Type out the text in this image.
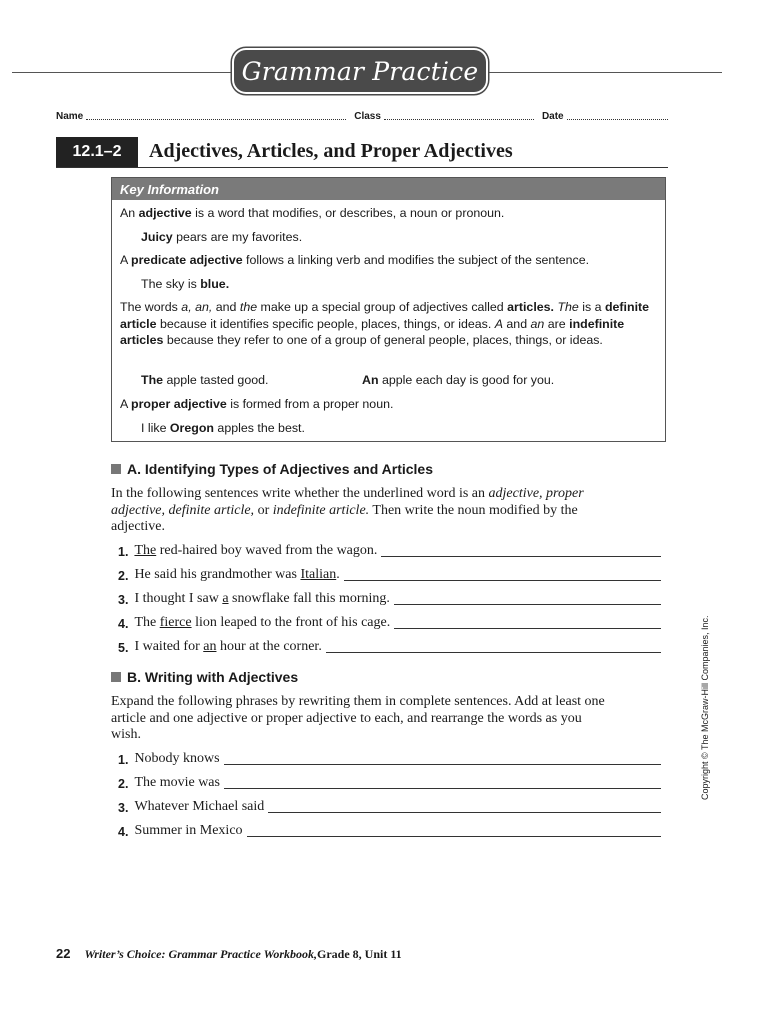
Grammar Practice
Name	Class	Date
12.1–2	Adjectives, Articles, and Proper Adjectives
Key Information
An adjective is a word that modifies, or describes, a noun or pronoun.
Juicy pears are my favorites.
A predicate adjective follows a linking verb and modifies the subject of the sentence.
The sky is blue.
The words a, an, and the make up a special group of adjectives called articles. The is a definite article because it identifies specific people, places, things, or ideas. A and an are indefinite articles because they refer to one of a group of general people, places, things, or ideas.
The apple tasted good.	An apple each day is good for you.
A proper adjective is formed from a proper noun.
I like Oregon apples the best.
A. Identifying Types of Adjectives and Articles
In the following sentences write whether the underlined word is an adjective, proper adjective, definite article, or indefinite article. Then write the noun modified by the adjective.
1. The red-haired boy waved from the wagon.
2. He said his grandmother was Italian.
3. I thought I saw a snowflake fall this morning.
4. The fierce lion leaped to the front of his cage.
5. I waited for an hour at the corner.
B. Writing with Adjectives
Expand the following phrases by rewriting them in complete sentences. Add at least one article and one adjective or proper adjective to each, and rearrange the words as you wish.
1. Nobody knows
2. The movie was
3. Whatever Michael said
4. Summer in Mexico
22 Writer’s Choice: Grammar Practice Workbook, Grade 8, Unit 11
Copyright © The McGraw-Hill Companies, Inc.
